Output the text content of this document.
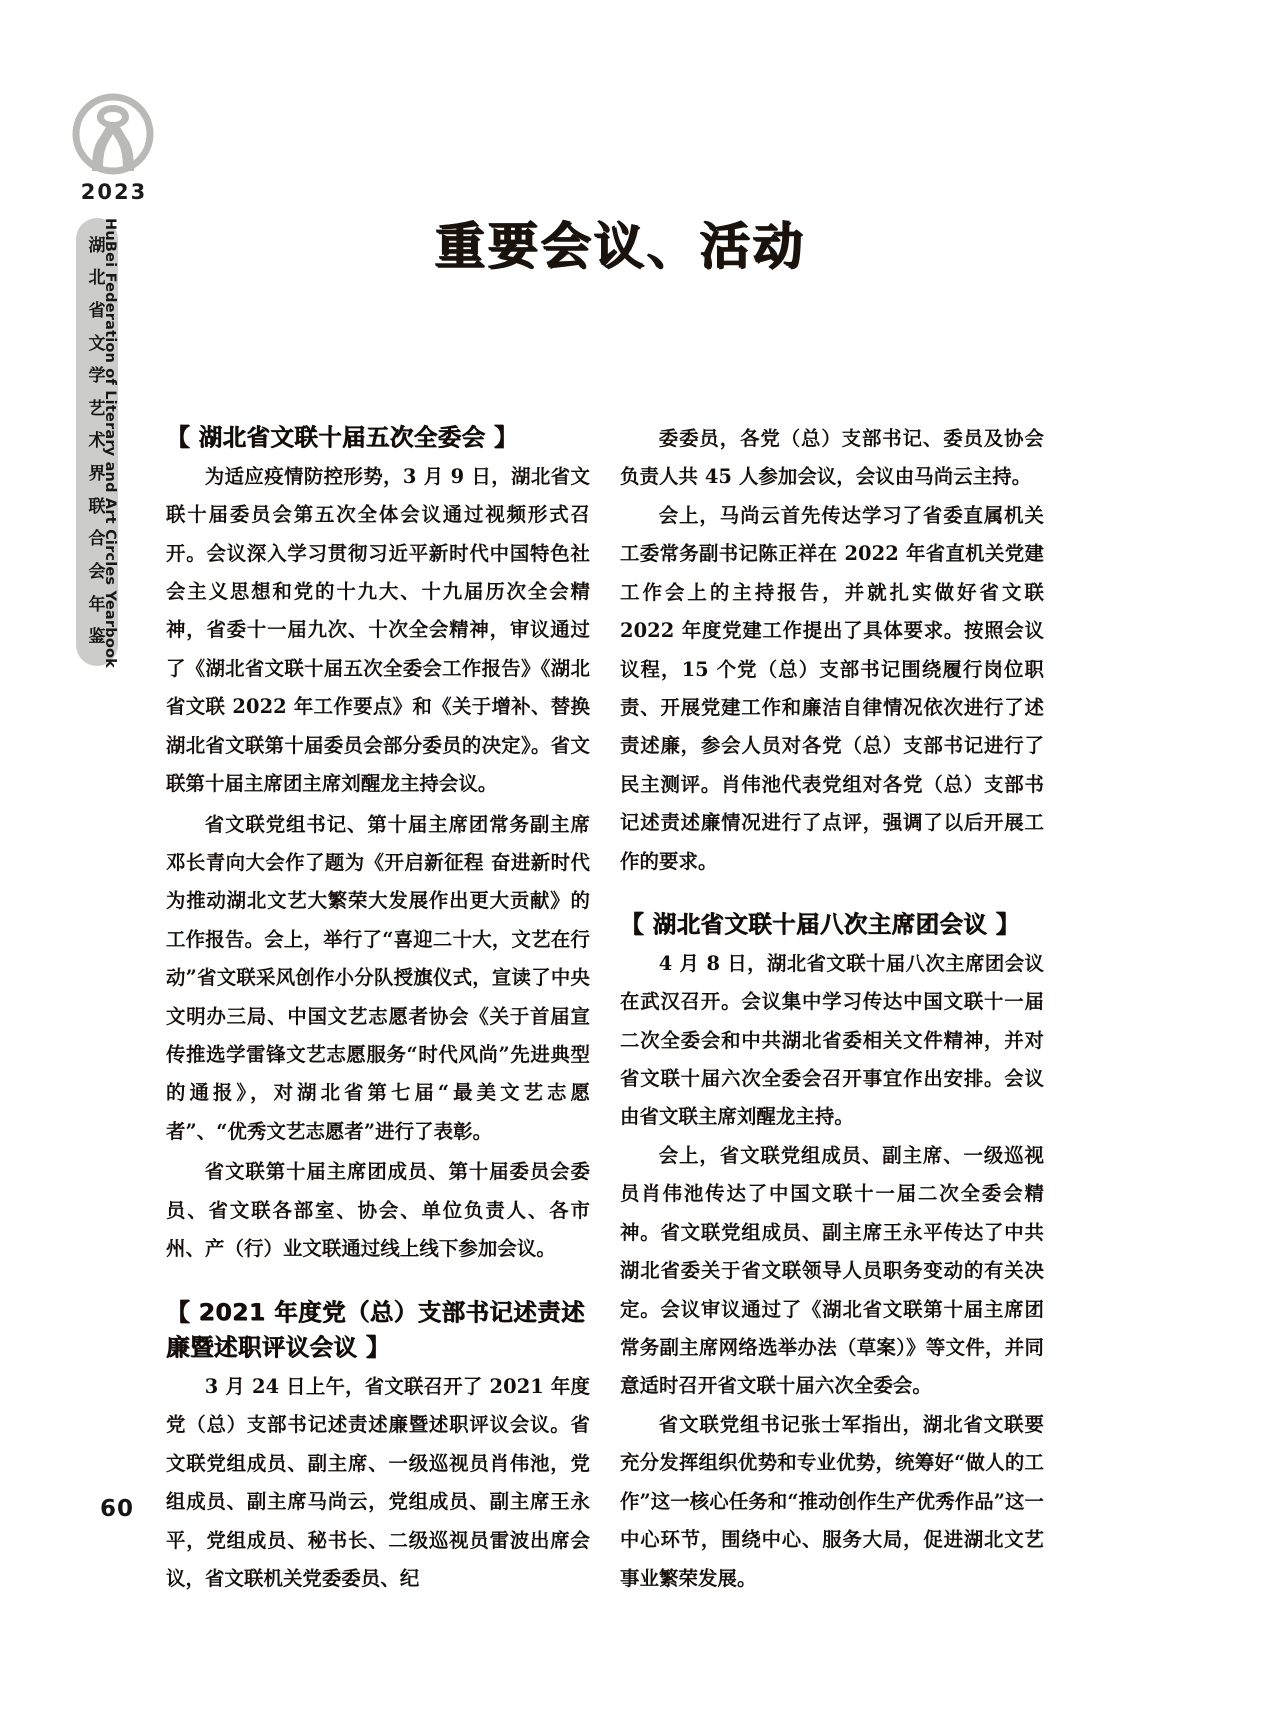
2023
湖
北
省
文
学
艺
术
界
联
合
会
年
鉴
HuBei Federation of Literary and Art Circles Yearbook	重要会议、活动
【 湖北省文联十届五次全委会 】

为适应疫情防控形势，3 月 9 日，湖北省文联十届委员会第五次全体会议通过视频形式召开。会议深入学习贯彻习近平新时代中国特色社会主义思想和党的十九大、十九届历次全会精神，省委十一届九次、十次全会精神，审议通过了《湖北省文联十届五次全委会工作报告》《湖北省文联 2022 年工作要点》和《关于增补、替换湖北省文联第十届委员会部分委员的决定》。省文联第十届主席团主席刘醒龙主持会议。

省文联党组书记、第十届主席团常务副主席邓长青向大会作了题为《开启新征程 奋进新时代 为推动湖北文艺大繁荣大发展作出更大贡献》的工作报告。会上，举行了“喜迎二十大，文艺在行动”省文联采风创作小分队授旗仪式，宣读了中央文明办三局、中国文艺志愿者协会《关于首届宣传推选学雷锋文艺志愿服务“时代风尚”先进典型的通报》，对湖北省第七届“最美文艺志愿者”、“优秀文艺志愿者”进行了表彰。

省文联第十届主席团成员、第十届委员会委员、省文联各部室、协会、单位负责人、各市州、产（行）业文联通过线上线下参加会议。

【 2021 年度党（总）支部书记述责述廉暨述职评议会议 】

3 月 24 日上午，省文联召开了 2021 年度党（总）支部书记述责述廉暨述职评议会议。省文联党组成员、副主席、一级巡视员肖伟池，党组成员、副主席马尚云，党组成员、副主席王永平，党组成员、秘书长、二级巡视员雷波出席会议，省文联机关党委委员、纪

委委员，各党（总）支部书记、委员及协会负责人共 45 人参加会议，会议由马尚云主持。

会上，马尚云首先传达学习了省委直属机关工委常务副书记陈正祥在 2022 年省直机关党建工作会上的主持报告，并就扎实做好省文联 2022 年度党建工作提出了具体要求。按照会议议程，15 个党（总）支部书记围绕履行岗位职责、开展党建工作和廉洁自律情况依次进行了述责述廉，参会人员对各党（总）支部书记进行了民主测评。肖伟池代表党组对各党（总）支部书记述责述廉情况进行了点评，强调了以后开展工作的要求。

【 湖北省文联十届八次主席团会议 】

4 月 8 日，湖北省文联十届八次主席团会议在武汉召开。会议集中学习传达中国文联十一届二次全委会和中共湖北省委相关文件精神，并对省文联十届六次全委会召开事宜作出安排。会议由省文联主席刘醒龙主持。

会上，省文联党组成员、副主席、一级巡视员肖伟池传达了中国文联十一届二次全委会精神。省文联党组成员、副主席王永平传达了中共湖北省委关于省文联领导人员职务变动的有关决定。会议审议通过了《湖北省文联第十届主席团常务副主席网络选举办法（草案）》等文件，并同意适时召开省文联十届六次全委会。

省文联党组书记张士军指出，湖北省文联要充分发挥组织优势和专业优势，统筹好“做人的工作”这一核心任务和“推动创作生产优秀作品”这一中心环节，围绕中心、服务大局，促进湖北文艺事业繁荣发展。

60
